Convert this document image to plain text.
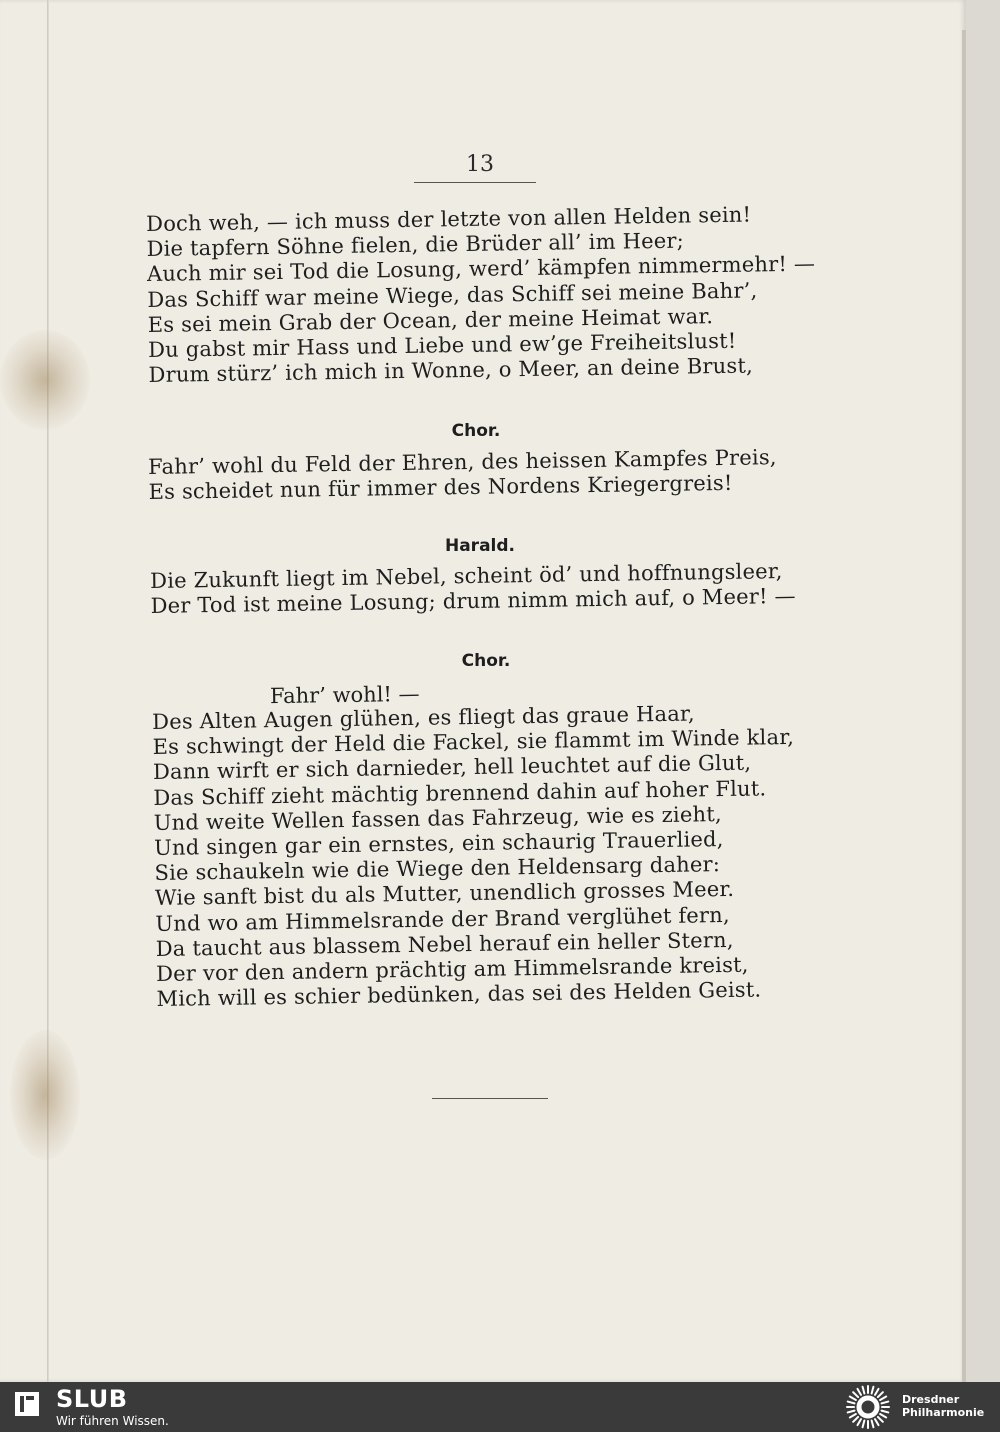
13
Doch weh, — ich muss der letzte von allen Helden sein!
Die tapfern Söhne fielen, die Brüder all’ im Heer;
Auch mir sei Tod die Losung, werd’ kämpfen nimmermehr! —
Das Schiff war meine Wiege, das Schiff sei meine Bahr’,
Es sei mein Grab der Ocean, der meine Heimat war.
Du gabst mir Hass und Liebe und ew’ge Freiheitslust!
Drum stürz’ ich mich in Wonne, o Meer, an deine Brust,
Chor.
Fahr’ wohl du Feld der Ehren, des heissen Kampfes Preis,
Es scheidet nun für immer des Nordens Kriegergreis!
Harald.
Die Zukunft liegt im Nebel, scheint öd’ und hoffnungsleer,
Der Tod ist meine Losung; drum nimm mich auf, o Meer! —
Chor.
Fahr’ wohl! —
Des Alten Augen glühen, es fliegt das graue Haar,
Es schwingt der Held die Fackel, sie flammt im Winde klar,
Dann wirft er sich darnieder, hell leuchtet auf die Glut,
Das Schiff zieht mächtig brennend dahin auf hoher Flut.
Und weite Wellen fassen das Fahrzeug, wie es zieht,
Und singen gar ein ernstes, ein schaurig Trauerlied,
Sie schaukeln wie die Wiege den Heldensarg daher:
Wie sanft bist du als Mutter, unendlich grosses Meer.
Und wo am Himmelsrande der Brand verglühet fern,
Da taucht aus blassem Nebel herauf ein heller Stern,
Der vor den andern prächtig am Himmelsrande kreist,
Mich will es schier bedünken, das sei des Helden Geist.
SLUB
Wir führen Wissen.
Dresdner
Philharmonie
